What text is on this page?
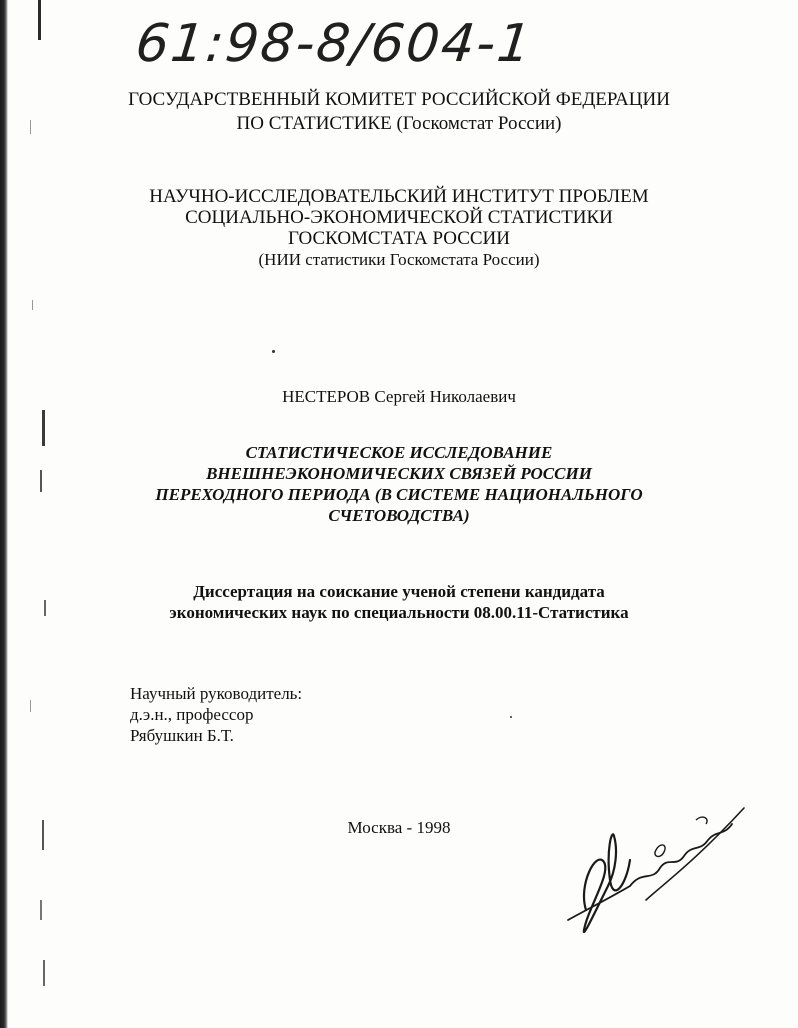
61:98-8/604-1
ГОСУДАРСТВЕННЫЙ КОМИТЕТ РОССИЙСКОЙ ФЕДЕРАЦИИ
ПО СТАТИСТИКЕ (Госкомстат России)
НАУЧНО-ИССЛЕДОВАТЕЛЬСКИЙ ИНСТИТУТ ПРОБЛЕМ
СОЦИАЛЬНО-ЭКОНОМИЧЕСКОЙ СТАТИСТИКИ
ГОСКОМСТАТА РОССИИ
(НИИ статистики Госкомстата России)
НЕСТЕРОВ Сергей Николаевич
СТАТИСТИЧЕСКОЕ ИССЛЕДОВАНИЕ
ВНЕШНЕЭКОНОМИЧЕСКИХ СВЯЗЕЙ РОССИИ
ПЕРЕХОДНОГО ПЕРИОДА (В СИСТЕМЕ НАЦИОНАЛЬНОГО
СЧЕТОВОДСТВА)
Диссертация на соискание ученой степени кандидата
экономических наук по специальности 08.00.11-Статистика
Научный руководитель:
д.э.н., профессор
Рябушкин Б.Т.
Москва - 1998
